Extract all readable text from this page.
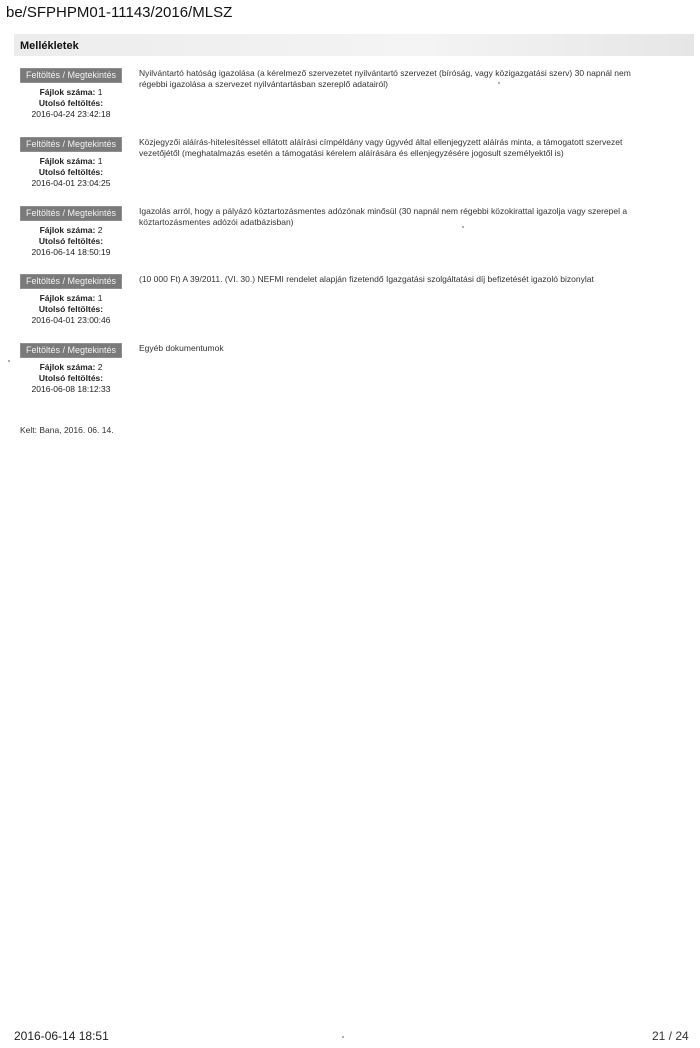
be/SFPHPM01-11143/2016/MLSZ
Mellékletek
Feltöltés / Megtekintés
Fájlok száma: 1
Utolsó feltöltés:
2016-04-24 23:42:18
Nyilvántartó hatóság igazolása (a kérelmező szervezetet nyilvántartó szervezet (bíróság, vagy közigazgatási szerv) 30 napnál nem régebbi igazolása a szervezet nyilvántartásban szereplő adatairól)
Feltöltés / Megtekintés
Fájlok száma: 1
Utolsó feltöltés:
2016-04-01 23:04:25
Közjegyzői aláírás-hitelesítéssel ellátott aláírási címpéldány vagy ügyvéd által ellenjegyzett aláírás minta, a támogatott szervezet vezetőjétől (meghatalmazás esetén a támogatási kérelem aláírására és ellenjegyzésére jogosult személyektől is)
Feltöltés / Megtekintés
Fájlok száma: 2
Utolsó feltöltés:
2016-06-14 18:50:19
Igazolás arról, hogy a pályázó köztartozásmentes adózónak minősül (30 napnál nem régebbi közokirattal igazolja vagy szerepel a köztartozásmentes adózói adatbázisban)
Feltöltés / Megtekintés
Fájlok száma: 1
Utolsó feltöltés:
2016-04-01 23:00:46
(10 000 Ft) A 39/2011. (VI. 30.) NEFMI rendelet alapján fizetendő Igazgatási szolgáltatási díj befizetését igazoló bizonylat
Feltöltés / Megtekintés
Fájlok száma: 2
Utolsó feltöltés:
2016-06-08 18:12:33
Egyéb dokumentumok
Kelt: Bana, 2016. 06. 14.
2016-06-14 18:51	21 / 24
